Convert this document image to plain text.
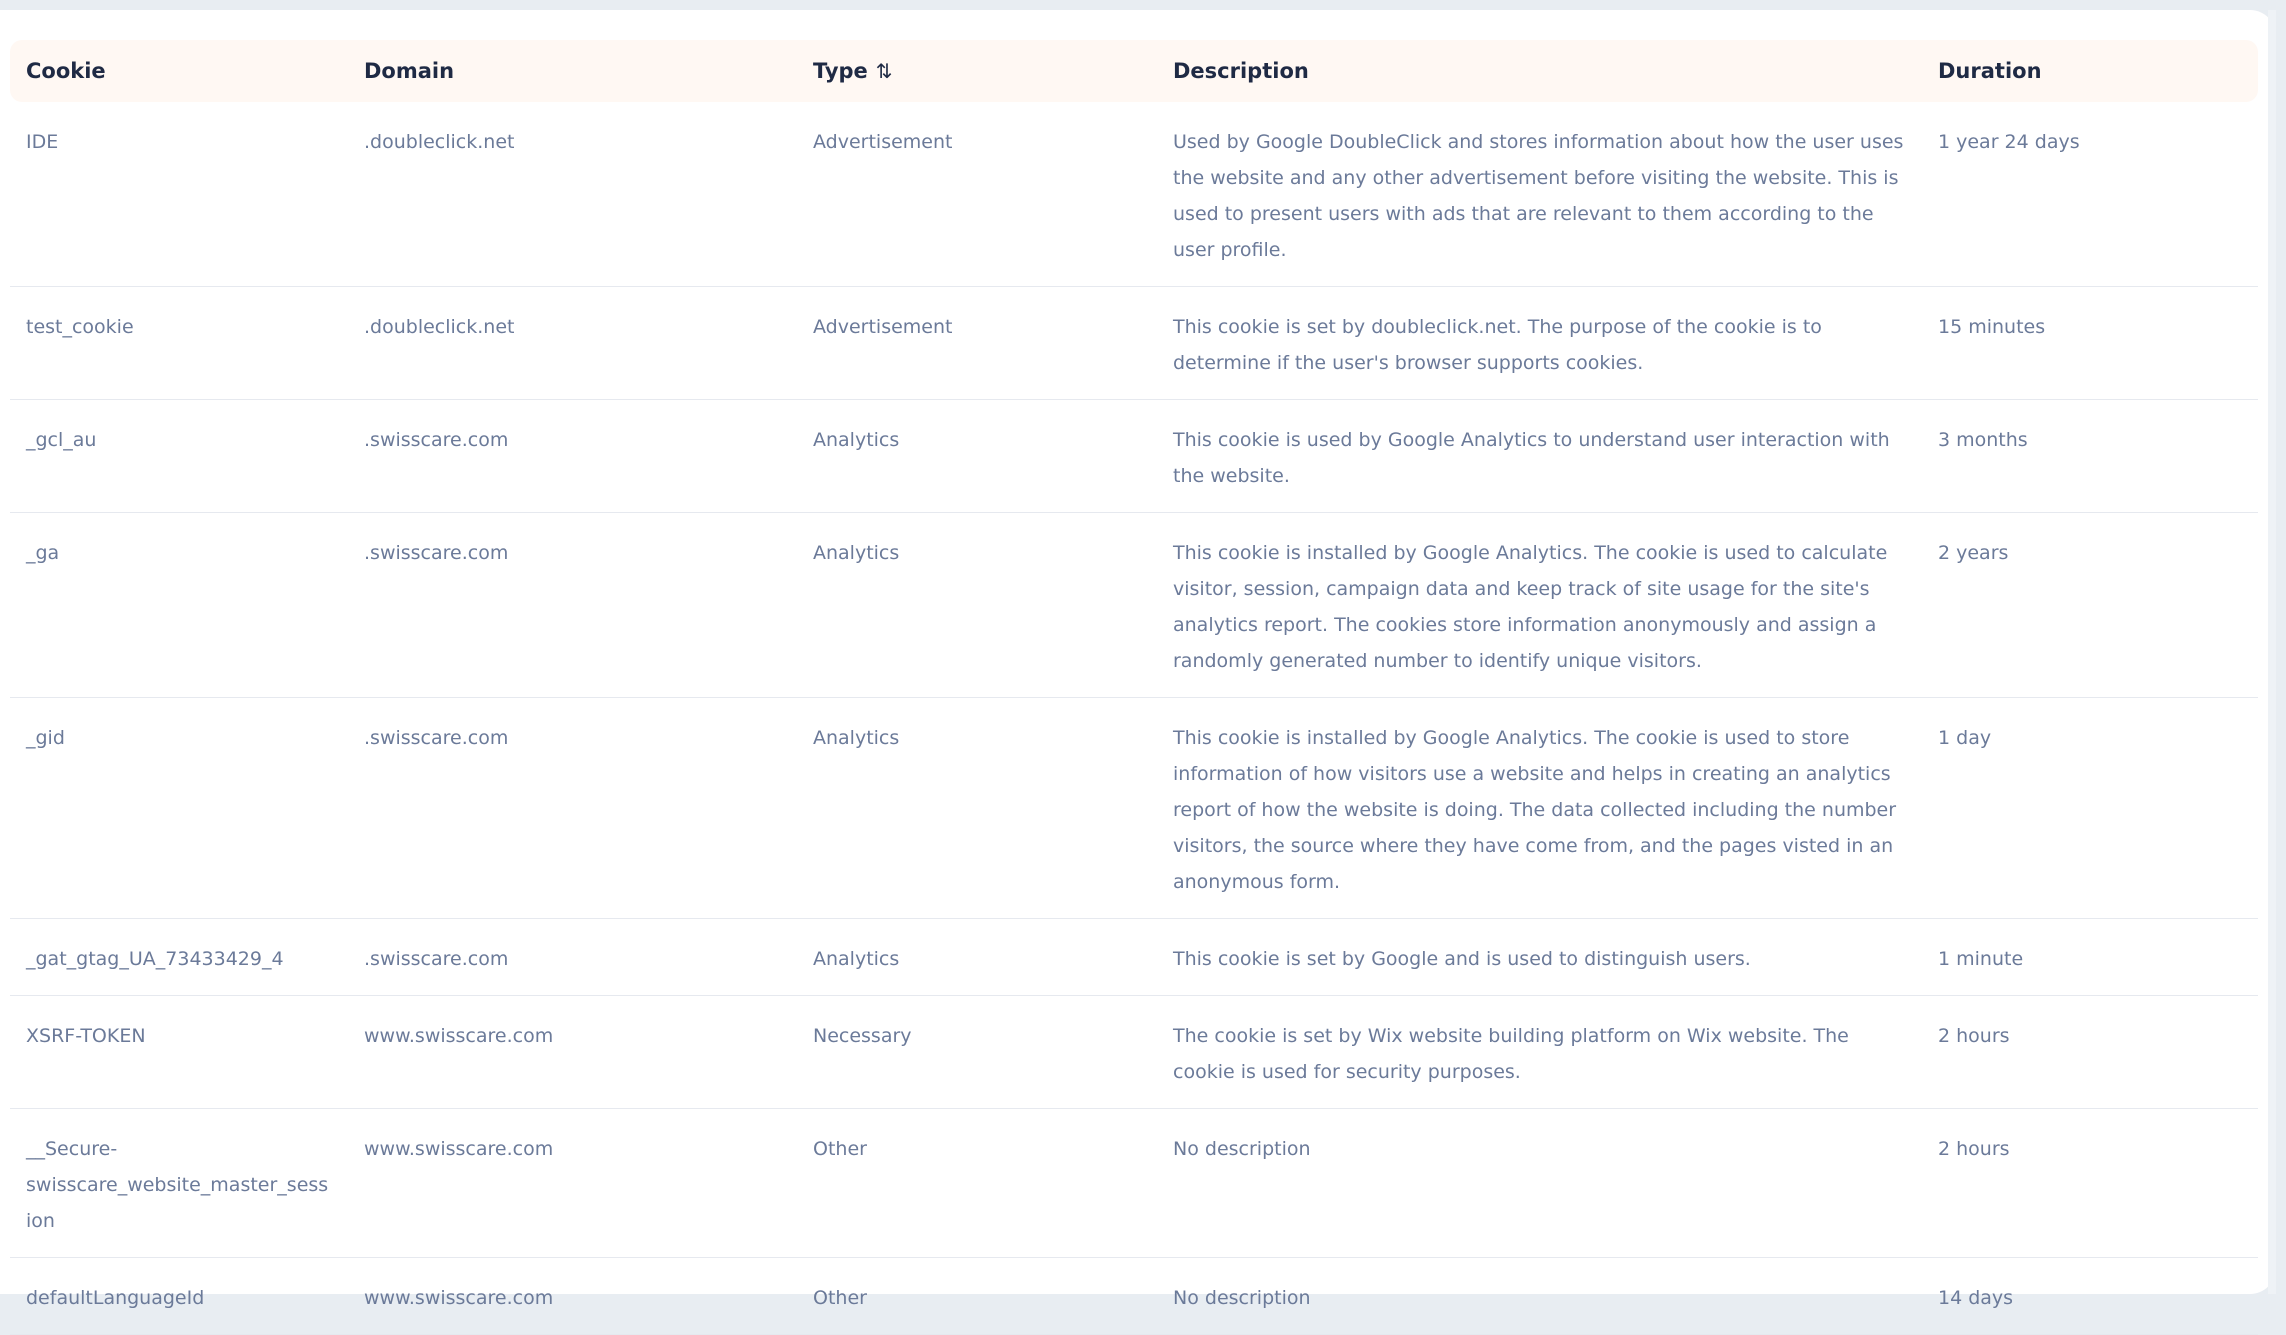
Cookie	Domain	Type ⇅	Description	Duration
IDE	.doubleclick.net	Advertisement	Used by Google DoubleClick and stores information about how the user uses the website and any other advertisement before visiting the website. This is used to present users with ads that are relevant to them according to the user profile.	1 year 24 days
test_cookie	.doubleclick.net	Advertisement	This cookie is set by doubleclick.net. The purpose of the cookie is to determine if the user's browser supports cookies.	15 minutes
_gcl_au	.swisscare.com	Analytics	This cookie is used by Google Analytics to understand user interaction with the website.	3 months
_ga	.swisscare.com	Analytics	This cookie is installed by Google Analytics. The cookie is used to calculate visitor, session, campaign data and keep track of site usage for the site's analytics report. The cookies store information anonymously and assign a randomly generated number to identify unique visitors.	2 years
_gid	.swisscare.com	Analytics	This cookie is installed by Google Analytics. The cookie is used to store information of how visitors use a website and helps in creating an analytics report of how the website is doing. The data collected including the number visitors, the source where they have come from, and the pages visted in an anonymous form.	1 day
_gat_gtag_UA_73433429_4	.swisscare.com	Analytics	This cookie is set by Google and is used to distinguish users.	1 minute
XSRF-TOKEN	www.swisscare.com	Necessary	The cookie is set by Wix website building platform on Wix website. The cookie is used for security purposes.	2 hours
__Secure-swisscare_website_master_session	www.swisscare.com	Other	No description	2 hours
defaultLanguageId	www.swisscare.com	Other	No description	14 days
